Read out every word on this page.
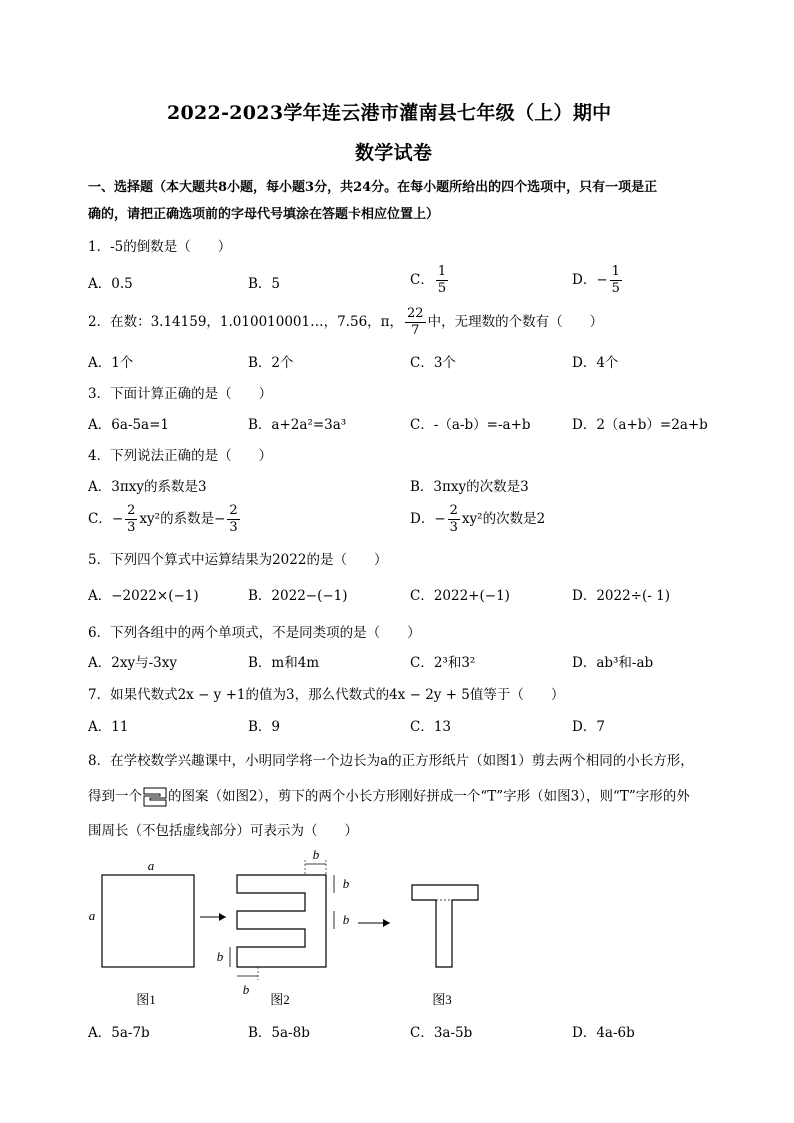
2022-2023学年连云港市灌南县七年级（上）期中
数学试卷
一、选择题（本大题共8小题，每小题3分，共24分。在每小题所给出的四个选项中，只有一项是正
确的，请把正确选项前的字母代号填涂在答题卡相应位置上）
1．-5的倒数是（　　）
A．0.5	B．5	C． $\frac{1}{5}$	D．− $\frac{1}{5}$
2．在数：3.14159，1.010010001…，7.56，π， $\frac{22}{7}$ 中，无理数的个数有（　　）
A．1个	B．2个	C．3个	D．4个
3．下面计算正确的是（　　）
A．6a-5a=1	B．a+2a²=3a³	C．-（a-b）=-a+b	D．2（a+b）=2a+b
4．下列说法正确的是（　　）
A．3πxy的系数是3	B．3πxy的次数是3
C．− $\frac{2}{3} xy^2$的系数是− $\frac{2}{3}$	D．− $\frac{2}{3} xy^2$的次数是2
5．下列四个算式中运算结果为2022的是（　　）
A．−2022×(−1)	B．2022−(−1)	C．2022+(−1)	D．2022÷(- 1)
6．下列各组中的两个单项式，不是同类项的是（　　）
A．2xy与-3xy	B．m和4m	C．2³和3²	D．ab³和-ab
7．如果代数式2x − y +1的值为3，那么代数式的4x − 2y + 5值等于（　　）
A．11	B．9	C．13	D．7
8．在学校数学兴趣课中，小明同学将一个边长为a的正方形纸片（如图1）剪去两个相同的小长方形，
得到一个 的图案（如图2），剪下的两个小长方形刚好拼成一个“T”字形（如图3），则“T”字形的外
围周长（不包括虚线部分）可表示为（　　）
a
a
b
b
b
b
b
图1	图2	图3
A．5a-7b	B．5a-8b	C．3a-5b	D．4a-6b
